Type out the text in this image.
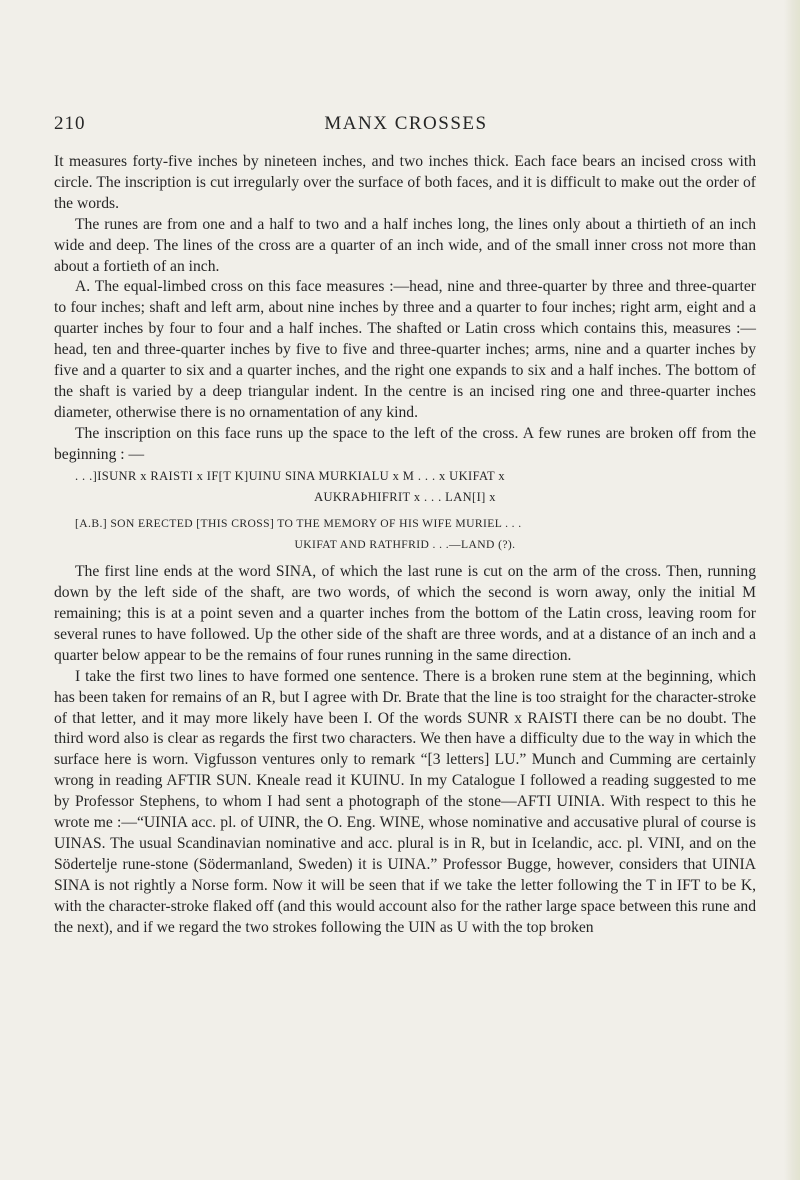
210	MANX CROSSES

It measures forty-five inches by nineteen inches, and two inches thick. Each face bears an incised cross with circle. The inscription is cut irregularly over the surface of both faces, and it is difficult to make out the order of the words.

The runes are from one and a half to two and a half inches long, the lines only about a thirtieth of an inch wide and deep. The lines of the cross are a quarter of an inch wide, and of the small inner cross not more than about a fortieth of an inch.

A. The equal-limbed cross on this face measures :—head, nine and three-quarter by three and three-quarter to four inches; shaft and left arm, about nine inches by three and a quarter to four inches; right arm, eight and a quarter inches by four to four and a half inches. The shafted or Latin cross which contains this, measures :—head, ten and three-quarter inches by five to five and three-quarter inches; arms, nine and a quarter inches by five and a quarter to six and a quarter inches, and the right one expands to six and a half inches. The bottom of the shaft is varied by a deep triangular indent. In the centre is an incised ring one and three-quarter inches diameter, otherwise there is no ornamentation of any kind.

The inscription on this face runs up the space to the left of the cross. A few runes are broken off from the beginning : —

. . .]ISUNR x RAISTI x IF[T K]UINU SINA MURKIALU x M . . . x UKIFAT x
AUKRAÞHIFRIT x . . . LAN[I] x
[A.B.] SON ERECTED [THIS CROSS] TO THE MEMORY OF HIS WIFE MURIEL . . .
UKIFAT AND RATHFRID . . .—LAND (?).

The first line ends at the word SINA, of which the last rune is cut on the arm of the cross. Then, running down by the left side of the shaft, are two words, of which the second is worn away, only the initial M remaining; this is at a point seven and a quarter inches from the bottom of the Latin cross, leaving room for several runes to have followed. Up the other side of the shaft are three words, and at a distance of an inch and a quarter below appear to be the remains of four runes running in the same direction.

I take the first two lines to have formed one sentence. There is a broken rune stem at the beginning, which has been taken for remains of an R, but I agree with Dr. Brate that the line is too straight for the character-stroke of that letter, and it may more likely have been I. Of the words SUNR x RAISTI there can be no doubt. The third word also is clear as regards the first two characters. We then have a difficulty due to the way in which the surface here is worn. Vigfusson ventures only to remark “[3 letters] LU.” Munch and Cumming are certainly wrong in reading AFTIR SUN. Kneale read it KUINU. In my Catalogue I followed a reading suggested to me by Professor Stephens, to whom I had sent a photograph of the stone—AFTI UINIA. With respect to this he wrote me :—“UINIA acc. pl. of UINR, the O. Eng. WINE, whose nominative and accusative plural of course is UINAS. The usual Scandinavian nominative and acc. plural is in R, but in Icelandic, acc. pl. VINI, and on the Södertelje rune-stone (Södermanland, Sweden) it is UINA.” Professor Bugge, however, considers that UINIA SINA is not rightly a Norse form. Now it will be seen that if we take the letter following the T in IFT to be K, with the character-stroke flaked off (and this would account also for the rather large space between this rune and the next), and if we regard the two strokes following the UIN as U with the top broken
